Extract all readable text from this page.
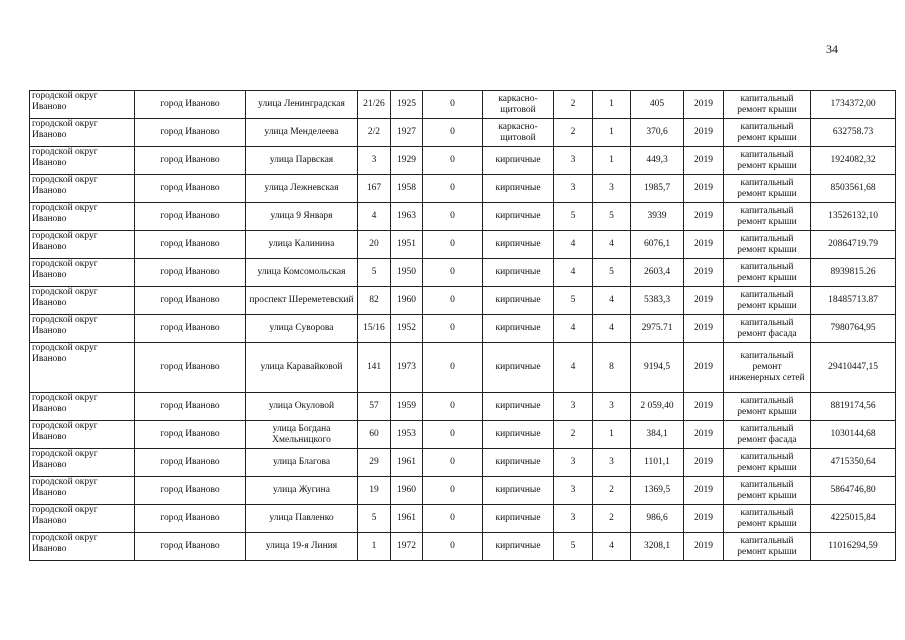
34
городской округ Иваново	город Иваново	улица Ленинградская	21/26	1925	0	каркасно-щитовой	2	1	405	2019	капитальный ремонт крыши	1734372,00
городской округ Иваново	город Иваново	улица Менделеева	2/2	1927	0	каркасно-щитовой	2	1	370,6	2019	капитальный ремонт крыши	632758.73
городской округ Иваново	город Иваново	улица Парвская	3	1929	0	кирпичные	3	1	449,3	2019	капитальный ремонт крыши	1924082,32
городской округ Иваново	город Иваново	улица Лежневская	167	1958	0	кирпичные	3	3	1985,7	2019	капитальный ремонт крыши	8503561,68
городской округ Иваново	город Иваново	улица 9 Января	4	1963	0	кирпичные	5	5	3939	2019	капитальный ремонт крыши	13526132,10
городской округ Иваново	город Иваново	улица Калинина	20	1951	0	кирпичные	4	4	6076,1	2019	капитальный ремонт крыши	20864719.79
городской округ Иваново	город Иваново	улица Комсомольская	5	1950	0	кирпичные	4	5	2603,4	2019	капитальный ремонт крыши	8939815.26
городской округ Иваново	город Иваново	проспект Шереметевский	82	1960	0	кирпичные	5	4	5383,3	2019	капитальный ремонт крыши	18485713.87
городской округ Иваново	город Иваново	улица Суворова	15/16	1952	0	кирпичные	4	4	2975.71	2019	капитальный ремонт фасада	7980764,95
городской округ Иваново	город Иваново	улица Каравайковой	141	1973	0	кирпичные	4	8	9194,5	2019	капитальный ремонт инженерных сетей	29410447,15
городской округ Иваново	город Иваново	улица Окуловой	57	1959	0	кирпичные	3	3	2 059,40	2019	капитальный ремонт крыши	8819174,56
городской округ Иваново	город Иваново	улица Богдана Хмельницкого	60	1953	0	кирпичные	2	1	384,1	2019	капитальный ремонт фасада	1030144,68
городской округ Иваново	город Иваново	улица Благова	29	1961	0	кирпичные	3	3	1101,1	2019	капитальный ремонт крыши	4715350,64
городской округ Иваново	город Иваново	улица Жугина	19	1960	0	кирпичные	3	2	1369,5	2019	капитальный ремонт крыши	5864746,80
городской округ Иваново	город Иваново	улица Павленко	5	1961	0	кирпичные	3	2	986,6	2019	капитальный ремонт крыши	4225015,84
городской округ Иваново	город Иваново	улица 19-я Линия	1	1972	0	кирпичные	5	4	3208,1	2019	капитальный ремонт крыши	11016294,59
